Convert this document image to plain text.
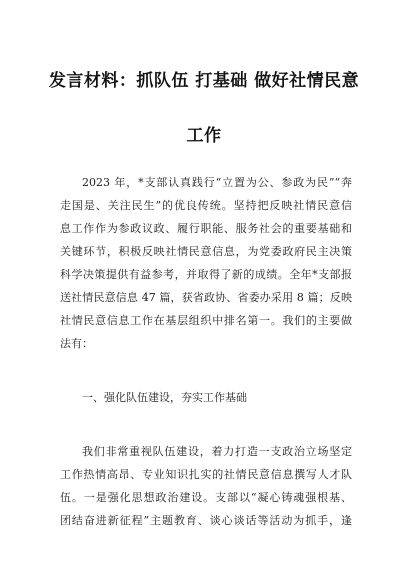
发言材料：抓队伍 打基础 做好社情民意
工作
2023 年，*支部认真践行“立置为公、参政为民”“奔
走国是、关注民生”的优良传统。坚持把反映社情民意信
息工作作为参政议政、履行职能、服务社会的重要基础和
关键环节，积极反映社情民意信息，为党委政府民主决策
科学决策提供有益参考，并取得了新的成绩。全年*支部报
送社情民意信息 47 篇，获省政协、省委办采用 8 篇；反映
社情民意信息工作在基层组织中排名第一。我们的主要做
法有：
一、强化队伍建设，夯实工作基础
我们非常重视队伍建设，着力打造一支政治立场坚定
工作热情高昂、专业知识扎实的社情民意信息撰写人才队
伍。一是强化思想政治建设。支部以“凝心铸魂强根基、
团结奋进新征程”主题教育、谈心谈话等活动为抓手，逢
